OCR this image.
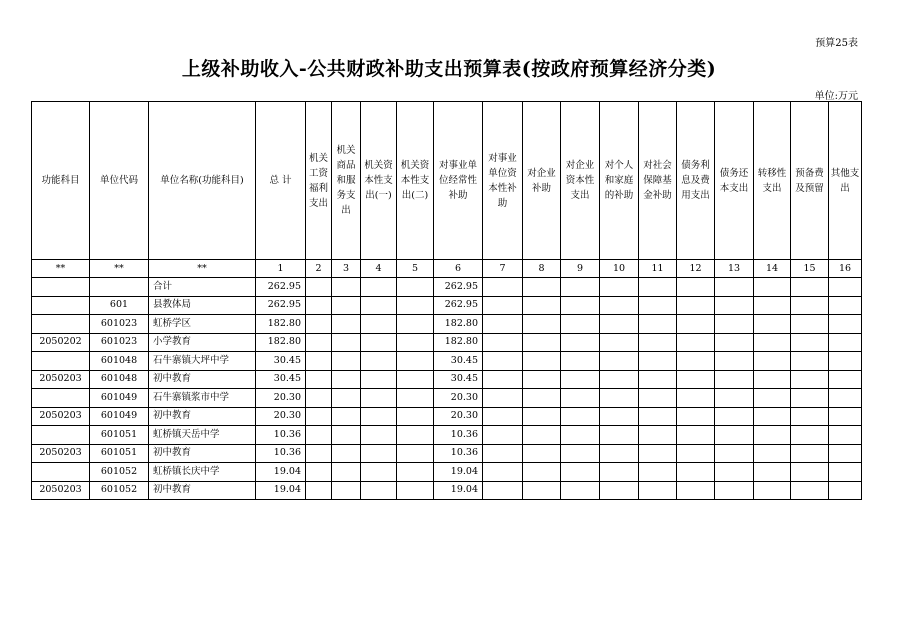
预算25表
上级补助收入-公共财政补助支出预算表(按政府预算经济分类)
单位:万元
功能科目	单位代码	单位名称(功能科目)	总 计	机关工资福利支出	机关商品和服务支出	机关资本性支出(一)	机关资本性支出(二)	对事业单位经常性补助	对事业单位资本性补助	对企业补助	对企业资本性支出	对个人和家庭的补助	对社会保障基金补助	债务利息及费用支出	债务还本支出	转移性支出	预备费及预留	其他支出
**	**	**	1	2	3	4	5	6	7	8	9	10	11	12	13	14	15	16
		合计	262.95					262.95										
	601	县教体局	262.95					262.95										
	601023	虹桥学区	182.80					182.80										
2050202	601023	小学教育	182.80					182.80										
	601048	石牛寨镇大坪中学	30.45					30.45										
2050203	601048	初中教育	30.45					30.45										
	601049	石牛寨镇浆市中学	20.30					20.30										
2050203	601049	初中教育	20.30					20.30										
	601051	虹桥镇天岳中学	10.36					10.36										
2050203	601051	初中教育	10.36					10.36										
	601052	虹桥镇长庆中学	19.04					19.04										
2050203	601052	初中教育	19.04					19.04										
